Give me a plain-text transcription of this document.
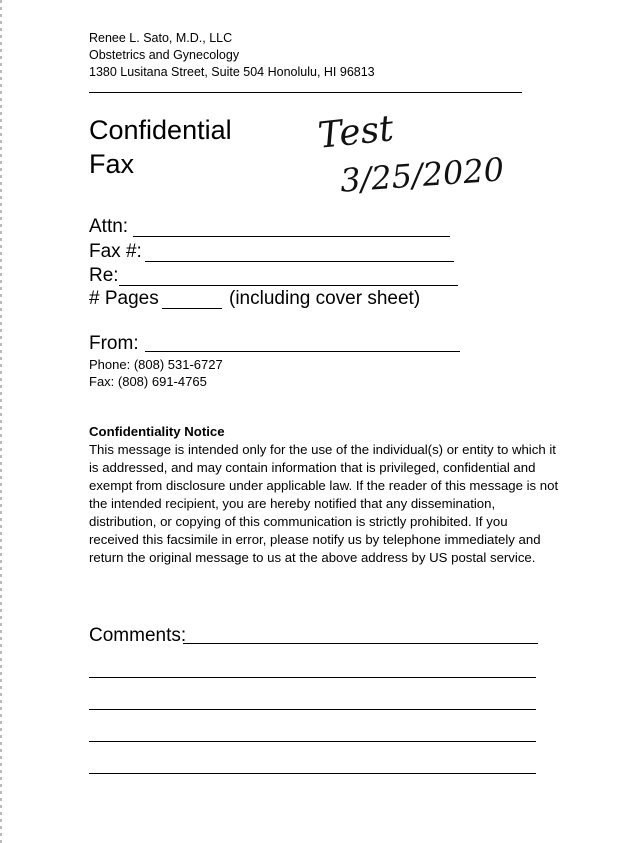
Renee L. Sato, M.D., LLC
Obstetrics and Gynecology
1380 Lusitana Street, Suite 504 Honolulu, HI 96813
Confidential
Fax
Test
3/25/2020
Attn:
Fax #:
Re:
# Pages	(including cover sheet)
From:
Phone: (808) 531-6727
Fax: (808) 691-4765
Confidentiality Notice
This message is intended only for the use of the individual(s) or entity to which it is addressed, and may contain information that is privileged, confidential and exempt from disclosure under applicable law. If the reader of this message is not the intended recipient, you are hereby notified that any dissemination, distribution, or copying of this communication is strictly prohibited. If you received this facsimile in error, please notify us by telephone immediately and return the original message to us at the above address by US postal service.
Comments:
